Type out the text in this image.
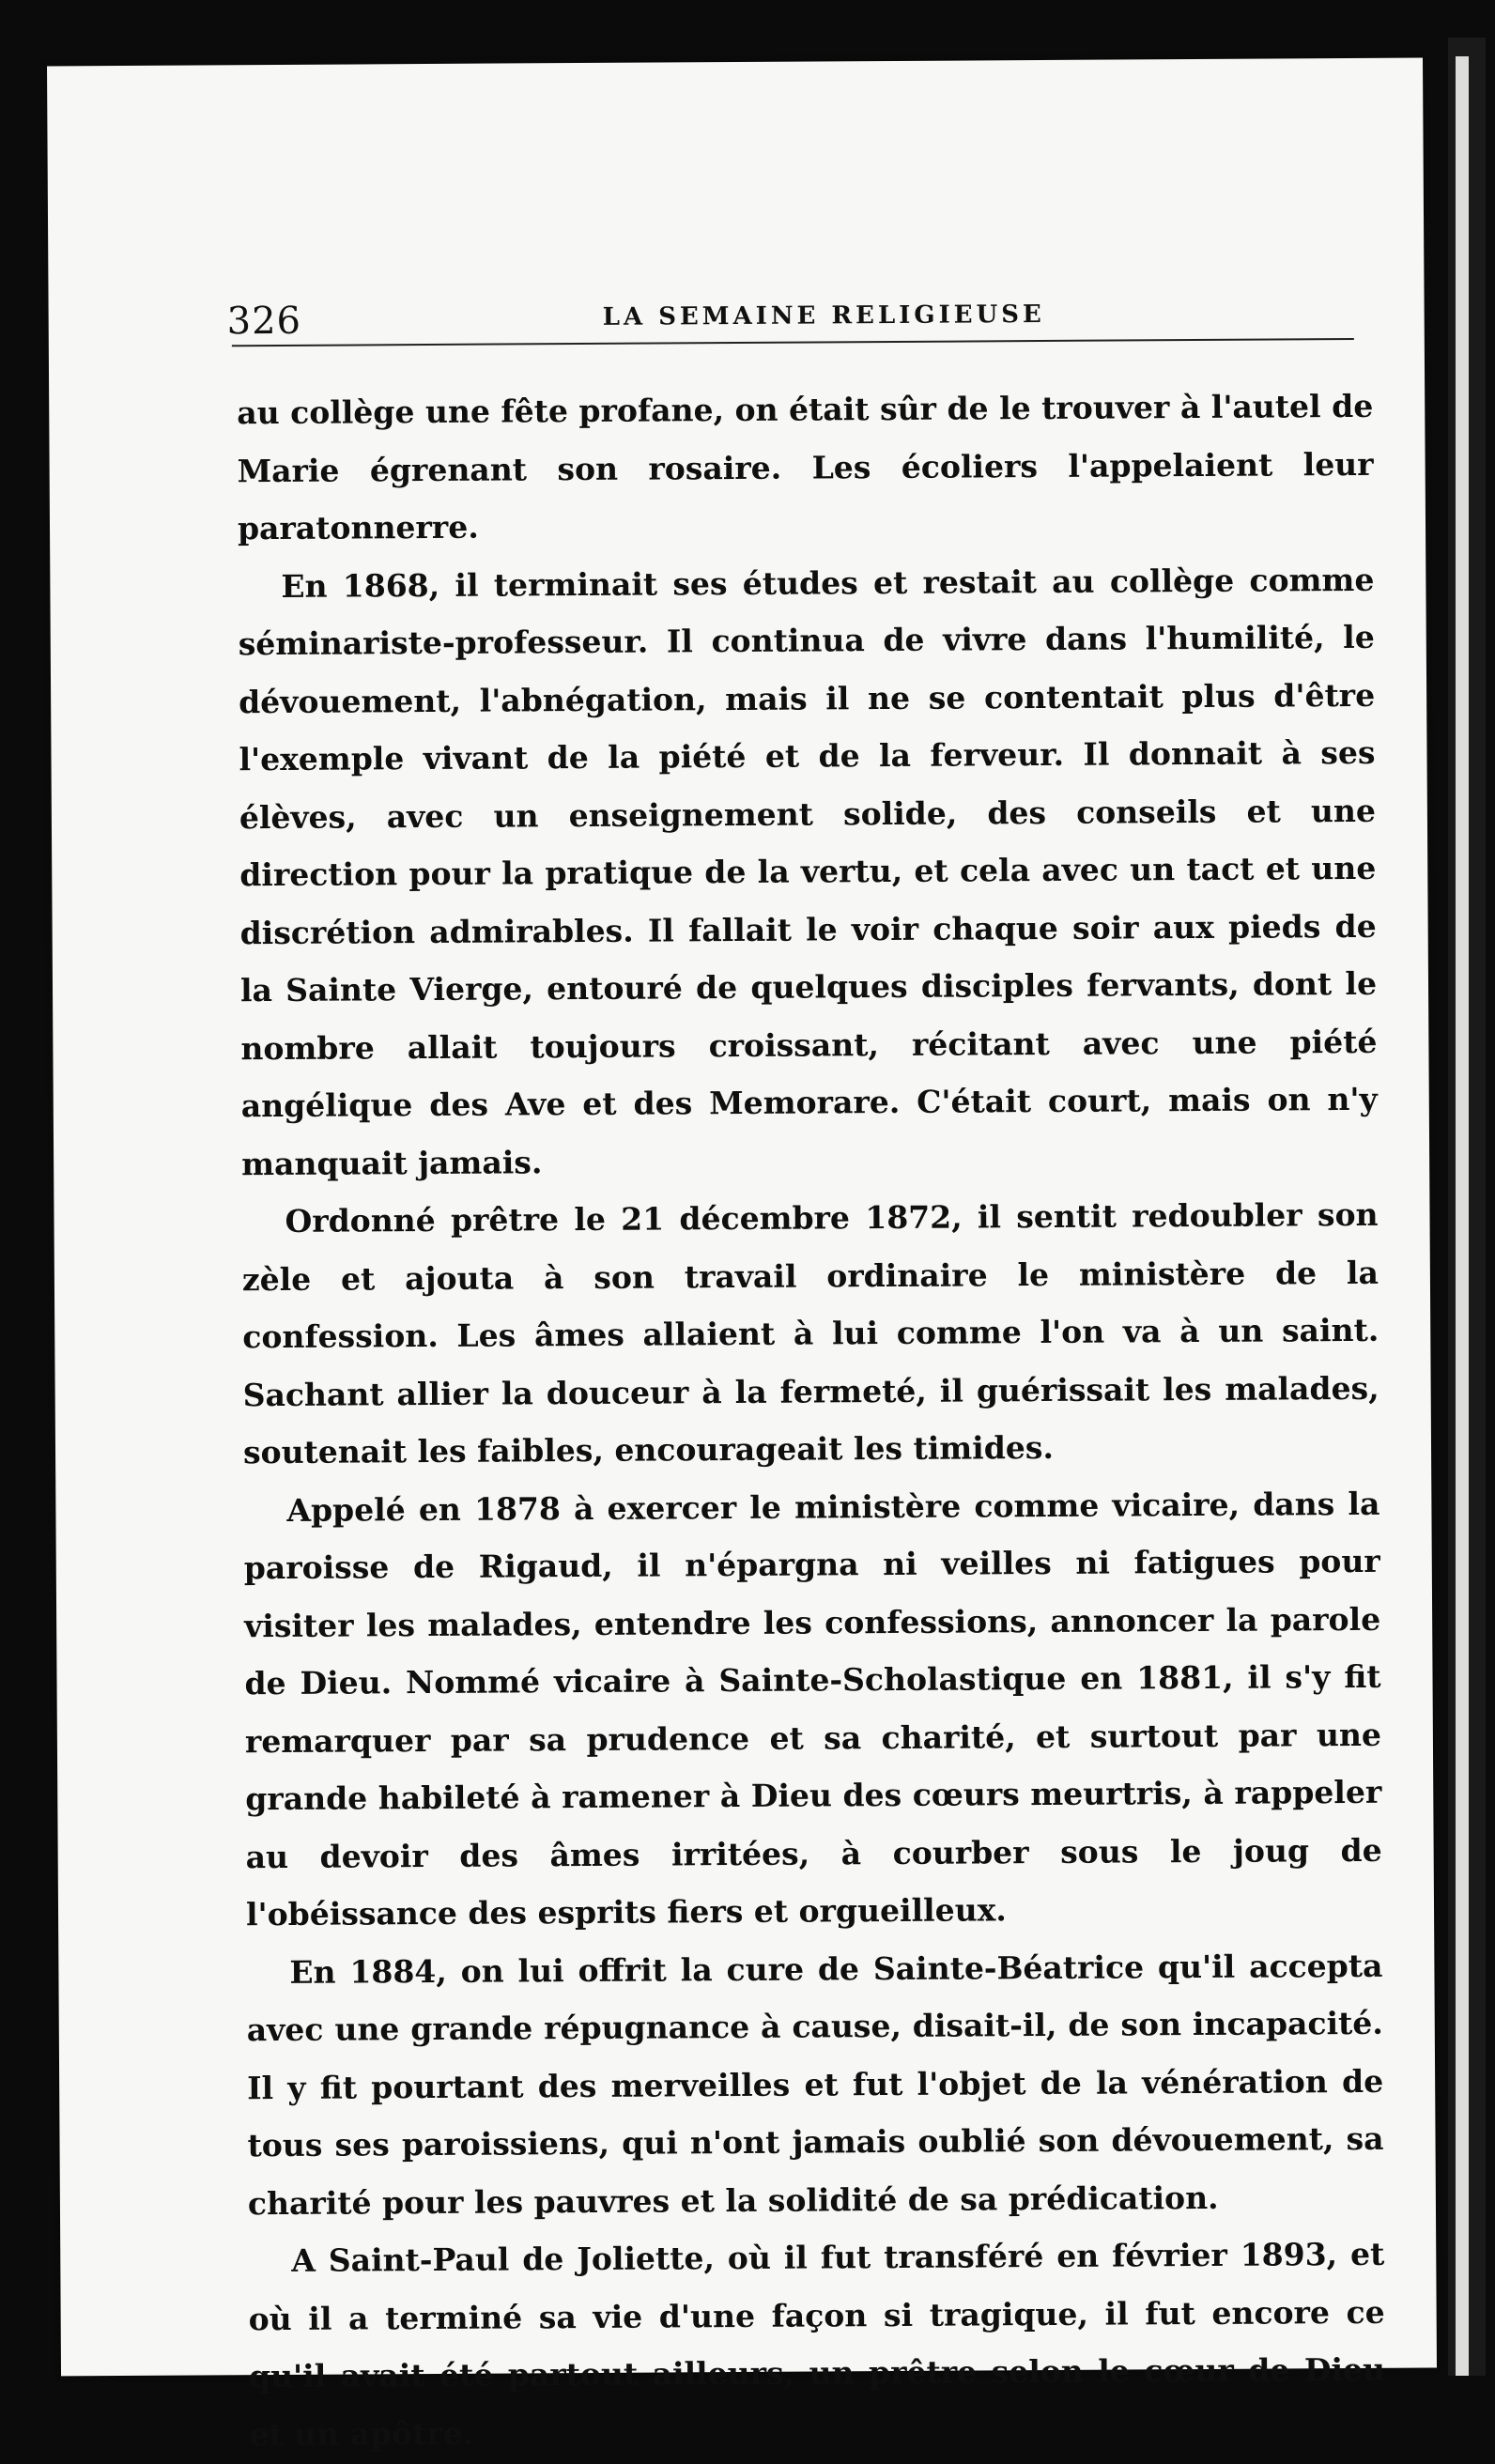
326	LA SEMAINE RELIGIEUSE

au collège une fête profane, on était sûr de le trouver à l'autel de Marie égrenant son rosaire. Les écoliers l'appelaient leur paratonnerre.

En 1868, il terminait ses études et restait au collège comme séminariste-professeur. Il continua de vivre dans l'humilité, le dévouement, l'abnégation, mais il ne se contentait plus d'être l'exemple vivant de la piété et de la ferveur. Il donnait à ses élèves, avec un enseignement solide, des conseils et une direction pour la pratique de la vertu, et cela avec un tact et une discrétion admirables. Il fallait le voir chaque soir aux pieds de la Sainte Vierge, entouré de quelques disciples fervants, dont le nombre allait toujours croissant, récitant avec une piété angélique des Ave et des Memorare. C'était court, mais on n'y manquait jamais.

Ordonné prêtre le 21 décembre 1872, il sentit redoubler son zèle et ajouta à son travail ordinaire le ministère de la confession. Les âmes allaient à lui comme l'on va à un saint. Sachant allier la douceur à la fermeté, il guérissait les malades, soutenait les faibles, encourageait les timides.

Appelé en 1878 à exercer le ministère comme vicaire, dans la paroisse de Rigaud, il n'épargna ni veilles ni fatigues pour visiter les malades, entendre les confessions, annoncer la parole de Dieu. Nommé vicaire à Sainte-Scholastique en 1881, il s'y fit remarquer par sa prudence et sa charité, et surtout par une grande habileté à ramener à Dieu des cœurs meurtris, à rappeler au devoir des âmes irritées, à courber sous le joug de l'obéissance des esprits fiers et orgueilleux.

En 1884, on lui offrit la cure de Sainte-Béatrice qu'il accepta avec une grande répugnance à cause, disait-il, de son incapacité. Il y fit pourtant des merveilles et fut l'objet de la vénération de tous ses paroissiens, qui n'ont jamais oublié son dévouement, sa charité pour les pauvres et la solidité de sa prédication.

A Saint-Paul de Joliette, où il fut transféré en février 1893, et où il a terminé sa vie d'une façon si tragique, il fut encore ce qu'il avait été partout ailleurs, un prêtre selon le cœur de Dieu et un apôtre.
